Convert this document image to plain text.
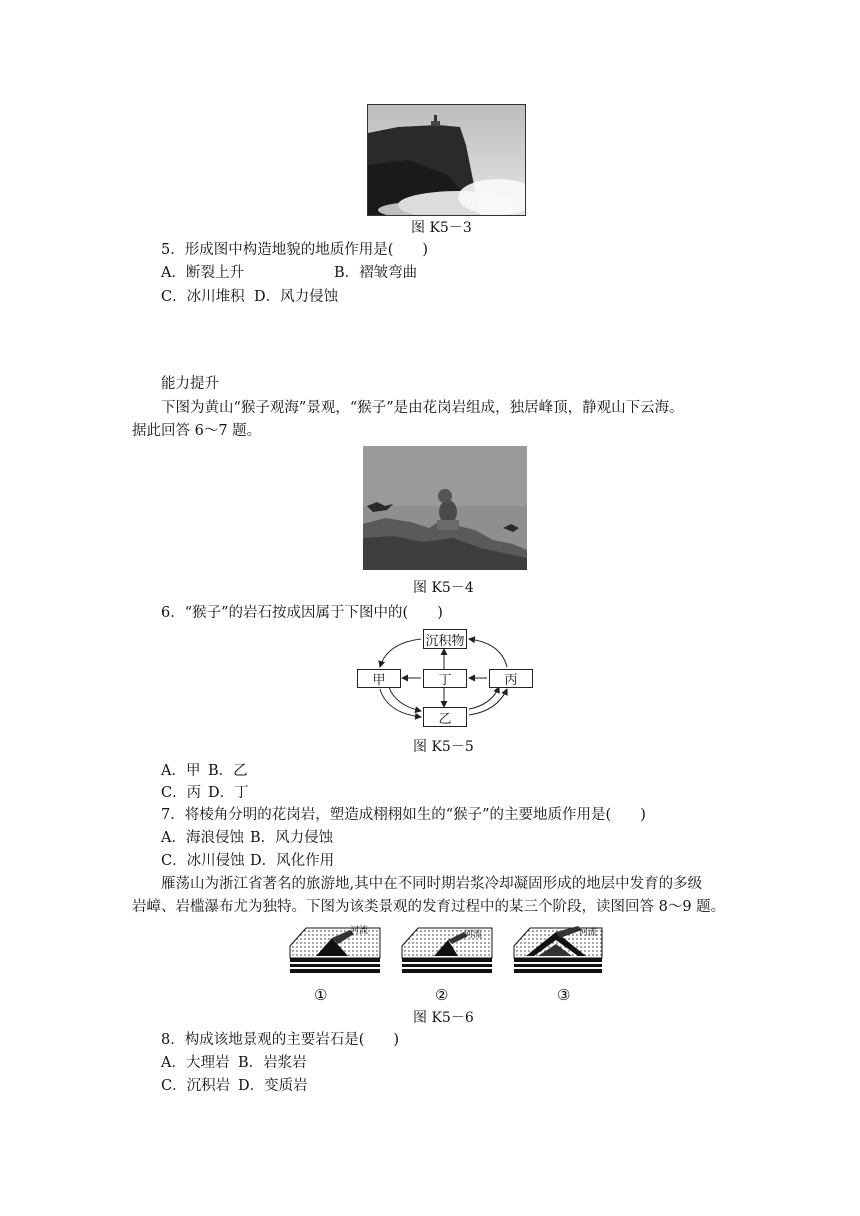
图 K5－3
5．形成图中构造地貌的地质作用是(　　)
A．断裂上升	B．褶皱弯曲
C．冰川堆积 D．风力侵蚀
能力提升
下图为黄山“猴子观海”景观，“猴子”是由花岗岩组成，独居峰顶，静观山下云海。
据此回答 6～7 题。
图 K5－4
6．“猴子”的岩石按成因属于下图中的(　　)
沉积物
甲	丁	丙
乙
图 K5－5
A．甲 B．乙
C．丙 D．丁
7．将棱角分明的花岗岩，塑造成栩栩如生的“猴子”的主要地质作用是(　　)
A．海浪侵蚀 B．风力侵蚀
C．冰川侵蚀 D．风化作用
雁荡山为浙江省著名的旅游地,其中在不同时期岩浆冷却凝固形成的地层中发育的多级
岩嶂、岩槛瀑布尤为独特。下图为该类景观的发育过程中的某三个阶段，读图回答 8～9 题。
河流	河流	河流
①	②	③
图 K5－6
8．构成该地景观的主要岩石是(　　)
A．大理岩 B．岩浆岩
C．沉积岩 D．变质岩
